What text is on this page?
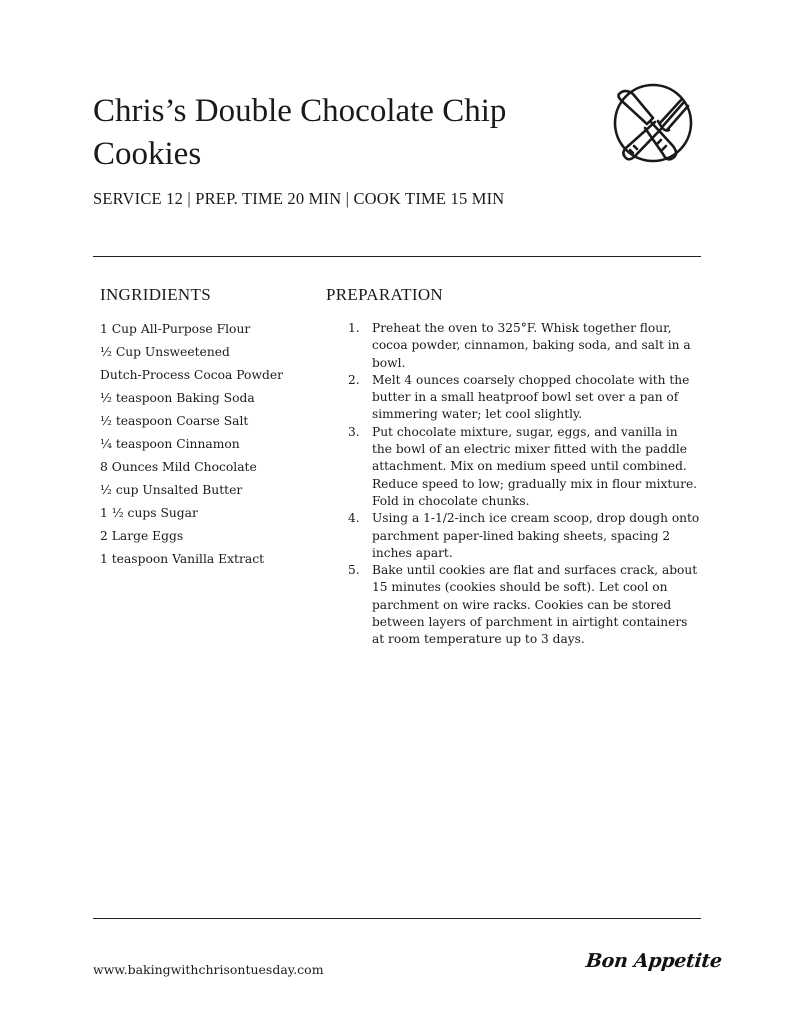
Chris’s Double Chocolate Chip Cookies
SERVICE 12 | PREP. TIME 20 MIN | COOK TIME 15 MIN
INGRIDIENTS
1 Cup All-Purpose Flour
½ Cup Unsweetened
Dutch-Process Cocoa Powder
½ teaspoon Baking Soda
½ teaspoon Coarse Salt
¼ teaspoon Cinnamon
8 Ounces Mild Chocolate
½ cup Unsalted Butter
1 ½ cups Sugar
2 Large Eggs
1 teaspoon Vanilla Extract
PREPARATION
1. Preheat the oven to 325°F. Whisk together flour, cocoa powder, cinnamon, baking soda, and salt in a bowl.
2. Melt 4 ounces coarsely chopped chocolate with the butter in a small heatproof bowl set over a pan of simmering water; let cool slightly.
3. Put chocolate mixture, sugar, eggs, and vanilla in the bowl of an electric mixer fitted with the paddle attachment. Mix on medium speed until combined. Reduce speed to low; gradually mix in flour mixture. Fold in chocolate chunks.
4. Using a 1-1/2-inch ice cream scoop, drop dough onto parchment paper-lined baking sheets, spacing 2 inches apart.
5. Bake until cookies are flat and surfaces crack, about 15 minutes (cookies should be soft). Let cool on parchment on wire racks. Cookies can be stored between layers of parchment in airtight containers at room temperature up to 3 days.
www.bakingwithchrisontuesday.com	Bon Appetite
